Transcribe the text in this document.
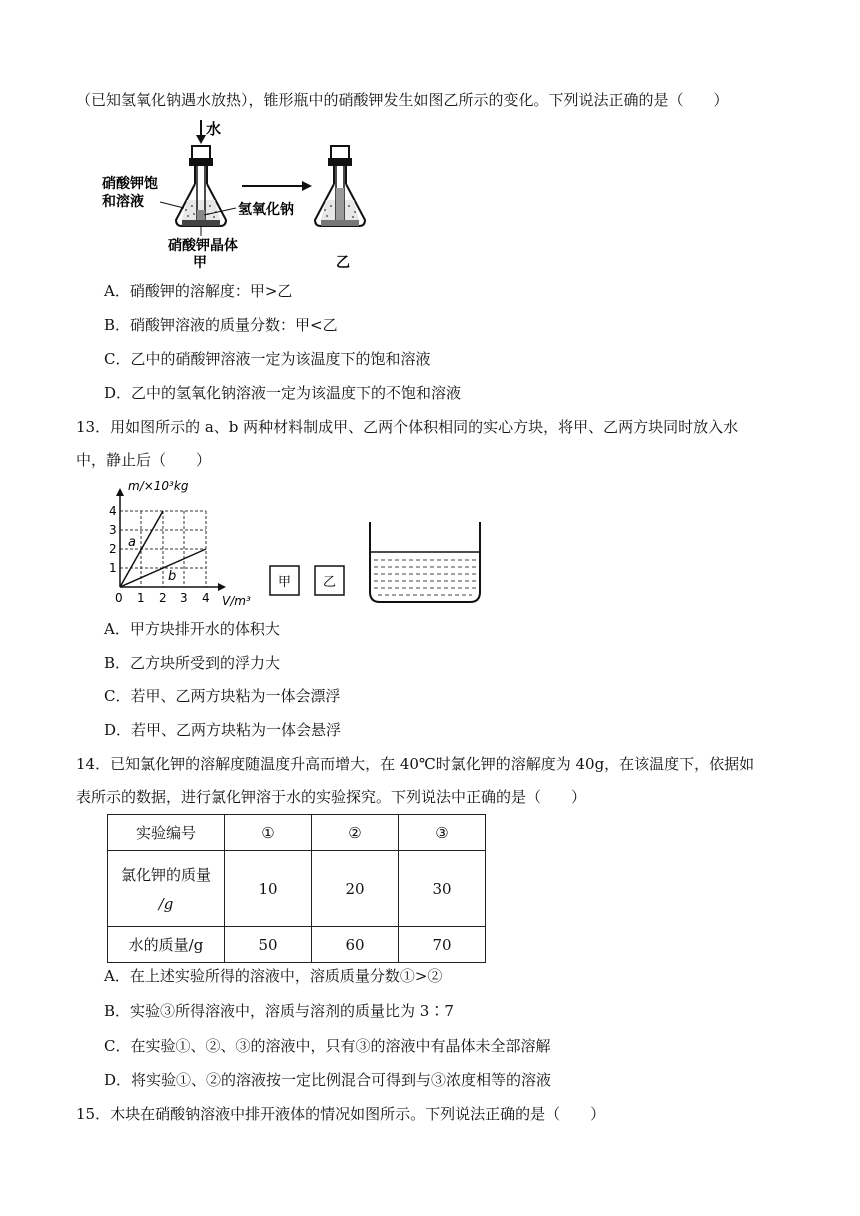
（已知氢氧化钠遇水放热），锥形瓶中的硝酸钾发生如图乙所示的变化。下列说法正确的是（　　）
水
硝酸钾饱
和溶液	氢氧化钠
硝酸钾晶体
甲	乙
A．硝酸钾的溶解度：甲>乙
B．硝酸钾溶液的质量分数：甲<乙
C．乙中的硝酸钾溶液一定为该温度下的饱和溶液
D．乙中的氢氧化钠溶液一定为该温度下的不饱和溶液
13．用如图所示的 a、b 两种材料制成甲、乙两个体积相同的实心方块，将甲、乙两方块同时放入水
中，静止后（　　）
m/×10³kg
V/m³
1
2
3
4
0 1 2 3 4
a
b	甲 乙
A．甲方块排开水的体积大
B．乙方块所受到的浮力大
C．若甲、乙两方块粘为一体会漂浮
D．若甲、乙两方块粘为一体会悬浮
14．已知氯化钾的溶解度随温度升高而增大，在 40℃时氯化钾的溶解度为 40g，在该温度下，依据如
表所示的数据，进行氯化钾溶于水的实验探究。下列说法中正确的是（　　）
实验编号	①	②	③

氯化钾的质量
/g	10	20	30
水的质量/g	50	60	70
A．在上述实验所得的溶液中，溶质质量分数①>②
B．实验③所得溶液中，溶质与溶剂的质量比为 3∶7
C．在实验①、②、③的溶液中，只有③的溶液中有晶体未全部溶解
D．将实验①、②的溶液按一定比例混合可得到与③浓度相等的溶液
15．木块在硝酸钠溶液中排开液体的情况如图所示。下列说法正确的是（　　）
